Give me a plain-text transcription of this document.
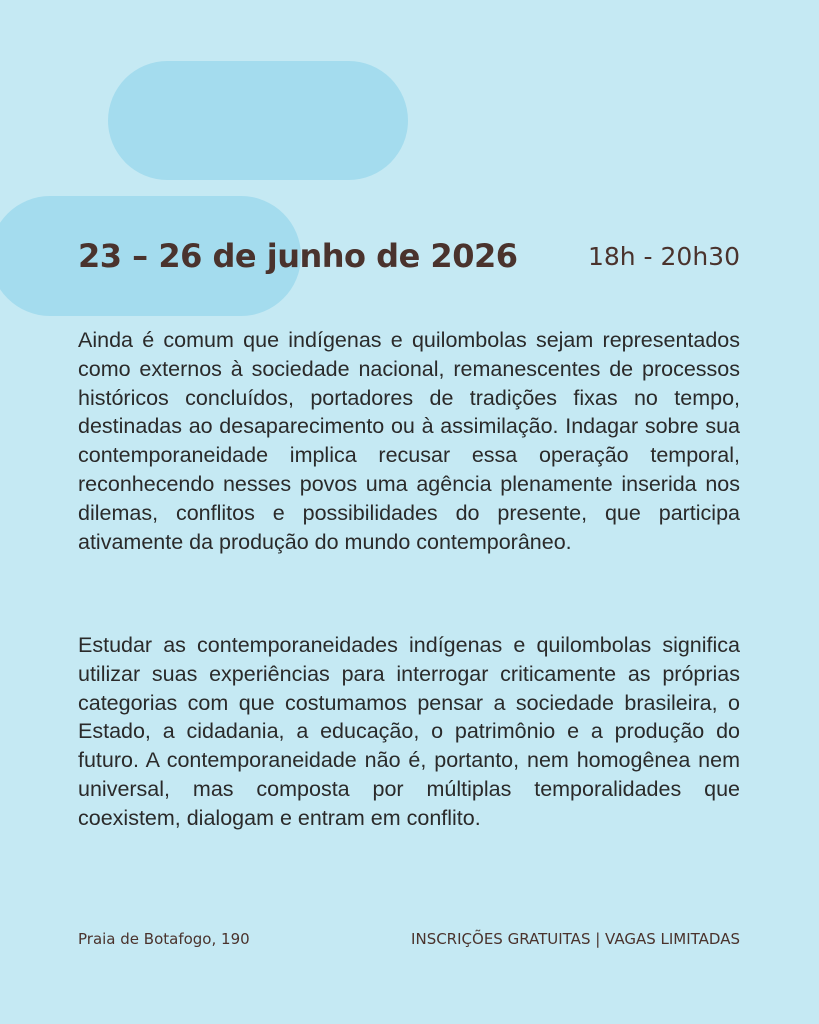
23 – 26 de junho de 2026	18h - 20h30

Ainda é comum que indígenas e quilombolas sejam representados como externos à sociedade nacional, remanescentes de processos históricos concluídos, portadores de tradições fixas no tempo, destinadas ao desaparecimento ou à assimilação. Indagar sobre sua contemporaneidade implica recusar essa operação temporal, reconhecendo nesses povos uma agência plenamente inserida nos dilemas, conflitos e possibilidades do presente, que participa ativamente da produção do mundo contemporâneo.

Estudar as contemporaneidades indígenas e quilombolas significa utilizar suas experiências para interrogar criticamente as próprias categorias com que costumamos pensar a sociedade brasileira, o Estado, a cidadania, a educação, o patrimônio e a produção do futuro. A contemporaneidade não é, portanto, nem homogênea nem universal, mas composta por múltiplas temporalidades que coexistem, dialogam e entram em conflito.

Praia de Botafogo, 190	INSCRIÇÕES GRATUITAS | VAGAS LIMITADAS
